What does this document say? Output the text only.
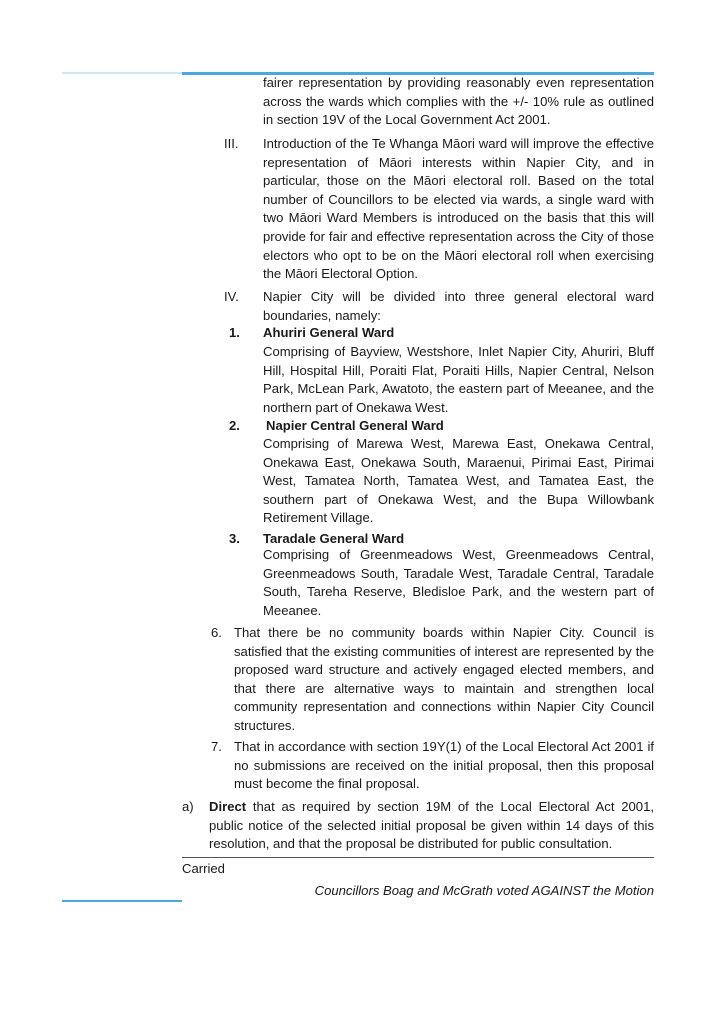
fairer representation by providing reasonably even representation across the wards which complies with the +/- 10% rule as outlined in section 19V of the Local Government Act 2001.

III. Introduction of the Te Whanga Māori ward will improve the effective representation of Māori interests within Napier City, and in particular, those on the Māori electoral roll. Based on the total number of Councillors to be elected via wards, a single ward with two Māori Ward Members is introduced on the basis that this will provide for fair and effective representation across the City of those electors who opt to be on the Māori electoral roll when exercising the Māori Electoral Option.

IV. Napier City will be divided into three general electoral ward boundaries, namely:

1. Ahuriri General Ward

Comprising of Bayview, Westshore, Inlet Napier City, Ahuriri, Bluff Hill, Hospital Hill, Poraiti Flat, Poraiti Hills, Napier Central, Nelson Park, McLean Park, Awatoto, the eastern part of Meeanee, and the northern part of Onekawa West.

2. Napier Central General Ward

Comprising of Marewa West, Marewa East, Onekawa Central, Onekawa East, Onekawa South, Maraenui, Pirimai East, Pirimai West, Tamatea North, Tamatea West, and Tamatea East, the southern part of Onekawa West, and the Bupa Willowbank Retirement Village.

3. Taradale General Ward

Comprising of Greenmeadows West, Greenmeadows Central, Greenmeadows South, Taradale West, Taradale Central, Taradale South, Tareha Reserve, Bledisloe Park, and the western part of Meeanee.

6. That there be no community boards within Napier City. Council is satisfied that the existing communities of interest are represented by the proposed ward structure and actively engaged elected members, and that there are alternative ways to maintain and strengthen local community representation and connections within Napier City Council structures.

7. That in accordance with section 19Y(1) of the Local Electoral Act 2001 if no submissions are received on the initial proposal, then this proposal must become the final proposal.

a) Direct that as required by section 19M of the Local Electoral Act 2001, public notice of the selected initial proposal be given within 14 days of this resolution, and that the proposal be distributed for public consultation.

Carried
Councillors Boag and McGrath voted AGAINST the Motion
